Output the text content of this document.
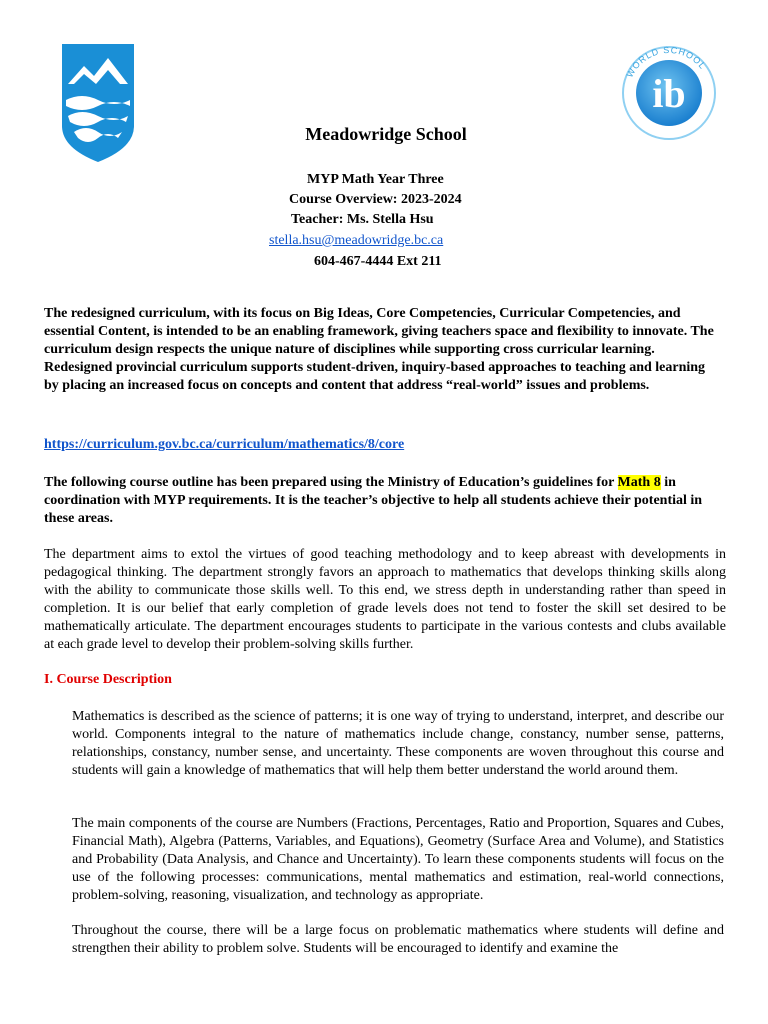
WORLD SCHOOL
ib
Meadowridge School
MYP Math Year Three
Course Overview: 2023-2024
Teacher: Ms. Stella Hsu
stella.hsu@meadowridge.bc.ca
604-467-4444 Ext 211
The redesigned curriculum, with its focus on Big Ideas, Core Competencies, Curricular Competencies, and essential Content, is intended to be an enabling framework, giving teachers space and flexibility to innovate. The curriculum design respects the unique nature of disciplines while supporting cross curricular learning. Redesigned provincial curriculum supports student-driven, inquiry-based approaches to teaching and learning by placing an increased focus on concepts and content that address “real-world” issues and problems.
https://curriculum.gov.bc.ca/curriculum/mathematics/8/core
The following course outline has been prepared using the Ministry of Education’s guidelines for Math 8 in coordination with MYP requirements. It is the teacher’s objective to help all students achieve their potential in these areas.
The department aims to extol the virtues of good teaching methodology and to keep abreast with developments in pedagogical thinking. The department strongly favors an approach to mathematics that develops thinking skills along with the ability to communicate those skills well. To this end, we stress depth in understanding rather than speed in completion. It is our belief that early completion of grade levels does not tend to foster the skill set desired to be mathematically articulate. The department encourages students to participate in the various contests and clubs available at each grade level to develop their problem-solving skills further.
I. Course Description
Mathematics is described as the science of patterns; it is one way of trying to understand, interpret, and describe our world. Components integral to the nature of mathematics include change, constancy, number sense, patterns, relationships, constancy, number sense, and uncertainty. These components are woven throughout this course and students will gain a knowledge of mathematics that will help them better understand the world around them.
The main components of the course are Numbers (Fractions, Percentages, Ratio and Proportion, Squares and Cubes, Financial Math), Algebra (Patterns, Variables, and Equations), Geometry (Surface Area and Volume), and Statistics and Probability (Data Analysis, and Chance and Uncertainty). To learn these components students will focus on the use of the following processes: communications, mental mathematics and estimation, real-world connections, problem-solving, reasoning, visualization, and technology as appropriate.
Throughout the course, there will be a large focus on problematic mathematics where students will define and strengthen their ability to problem solve. Students will be encouraged to identify and examine the
